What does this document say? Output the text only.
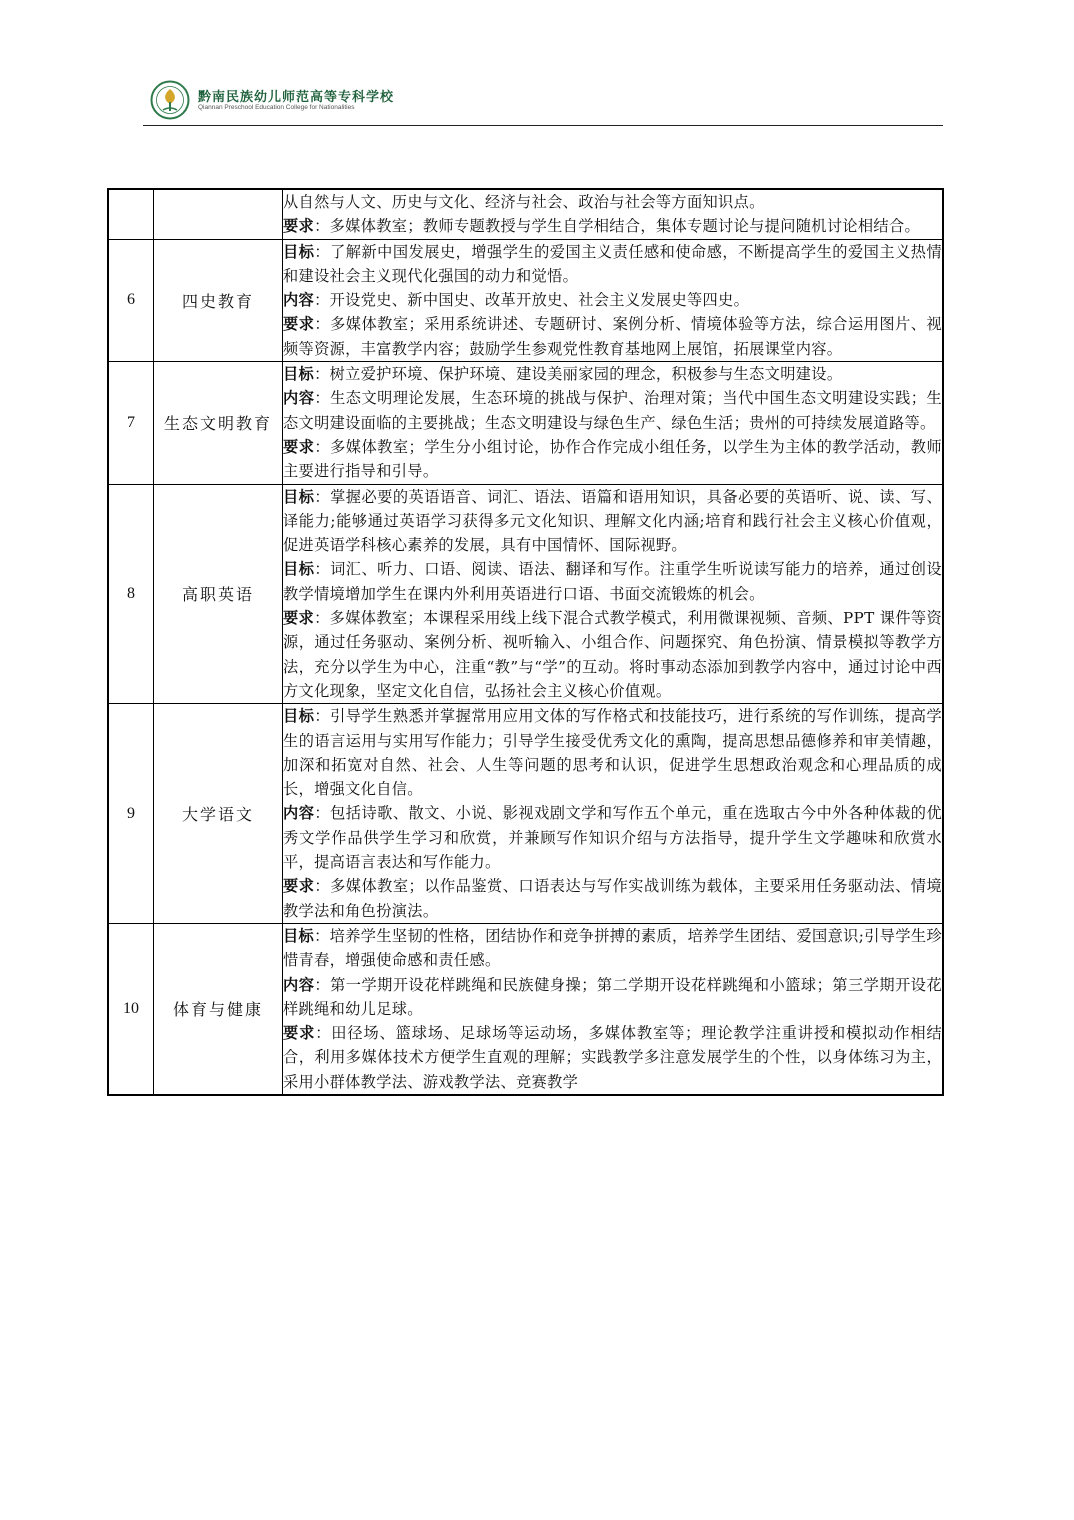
黔南民族幼儿师范高等专科学校
Qiannan Preschool Education College for Nationalities

		从自然与人文、历史与文化、经济与社会、政治与社会等方面知识点。

要求：多媒体教室；教师专题教授与学生自学相结合，集体专题讨论与提问随机讨论相结合。

6	四史教育	目标：了解新中国发展史，增强学生的爱国主义责任感和使命感，不断提高学生的爱国主义热情和建设社会主义现代化强国的动力和觉悟。

内容：开设党史、新中国史、改革开放史、社会主义发展史等四史。

要求：多媒体教室；采用系统讲述、专题研讨、案例分析、情境体验等方法，综合运用图片、视频等资源，丰富教学内容；鼓励学生参观党性教育基地网上展馆，拓展课堂内容。

7	生态文明教育	目标：树立爱护环境、保护环境、建设美丽家园的理念，积极参与生态文明建设。

内容：生态文明理论发展，生态环境的挑战与保护、治理对策；当代中国生态文明建设实践；生态文明建设面临的主要挑战；生态文明建设与绿色生产、绿色生活；贵州的可持续发展道路等。

要求：多媒体教室；学生分小组讨论，协作合作完成小组任务，以学生为主体的教学活动，教师主要进行指导和引导。

8	高职英语	目标：掌握必要的英语语音、词汇、语法、语篇和语用知识，具备必要的英语听、说、读、写、译能力;能够通过英语学习获得多元文化知识、理解文化内涵;培育和践行社会主义核心价值观，促进英语学科核心素养的发展，具有中国情怀、国际视野。

目标：词汇、听力、口语、阅读、语法、翻译和写作。注重学生听说读写能力的培养，通过创设教学情境增加学生在课内外利用英语进行口语、书面交流锻炼的机会。

要求：多媒体教室；本课程采用线上线下混合式教学模式，利用微课视频、音频、PPT 课件等资源，通过任务驱动、案例分析、视听输入、小组合作、问题探究、角色扮演、情景模拟等教学方法，充分以学生为中心，注重“教”与“学”的互动。将时事动态添加到教学内容中，通过讨论中西方文化现象，坚定文化自信，弘扬社会主义核心价值观。

9	大学语文	目标：引导学生熟悉并掌握常用应用文体的写作格式和技能技巧，进行系统的写作训练，提高学生的语言运用与实用写作能力；引导学生接受优秀文化的熏陶，提高思想品德修养和审美情趣，加深和拓宽对自然、社会、人生等问题的思考和认识，促进学生思想政治观念和心理品质的成长，增强文化自信。

内容：包括诗歌、散文、小说、影视戏剧文学和写作五个单元，重在选取古今中外各种体裁的优秀文学作品供学生学习和欣赏，并兼顾写作知识介绍与方法指导，提升学生文学趣味和欣赏水平，提高语言表达和写作能力。

要求：多媒体教室；以作品鉴赏、口语表达与写作实战训练为载体，主要采用任务驱动法、情境教学法和角色扮演法。

10	体育与健康	目标：培养学生坚韧的性格，团结协作和竞争拼搏的素质，培养学生团结、爱国意识;引导学生珍惜青春，增强使命感和责任感。

内容：第一学期开设花样跳绳和民族健身操；第二学期开设花样跳绳和小篮球；第三学期开设花样跳绳和幼儿足球。

要求：田径场、篮球场、足球场等运动场，多媒体教室等；理论教学注重讲授和模拟动作相结合，利用多媒体技术方便学生直观的理解；实践教学多注意发展学生的个性，以身体练习为主，采用小群体教学法、游戏教学法、竞赛教学
